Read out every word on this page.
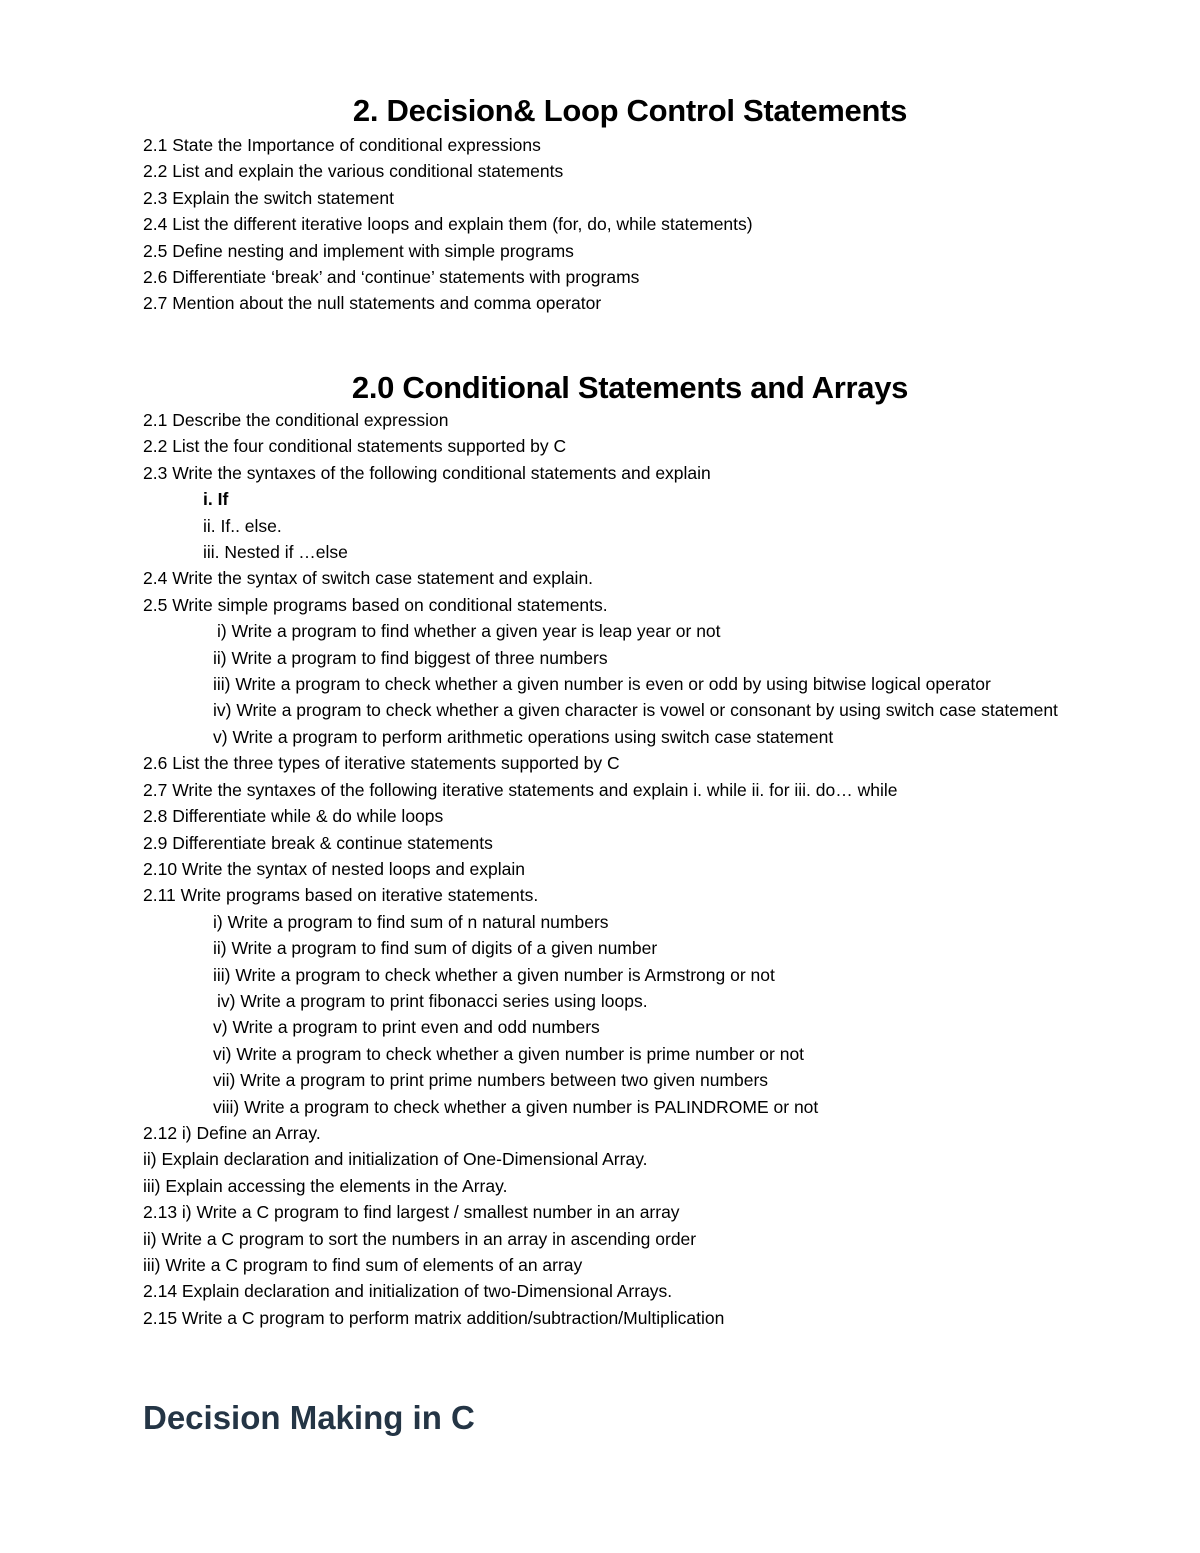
2. Decision& Loop Control Statements
2.1 State the Importance of conditional expressions
2.2 List and explain the various conditional statements
2.3 Explain the switch statement
2.4 List the different iterative loops and explain them (for, do, while statements)
2.5 Define nesting and implement with simple programs
2.6 Differentiate ‘break’ and ‘continue’ statements with programs
2.7 Mention about the null statements and comma operator
2.0 Conditional Statements and Arrays
2.1 Describe the conditional expression
2.2 List the four conditional statements supported by C
2.3 Write the syntaxes of the following conditional statements and explain
i. If
ii. If.. else.
iii. Nested if …else
2.4 Write the syntax of switch case statement and explain.
2.5 Write simple programs based on conditional statements.
i) Write a program to find whether a given year is leap year or not
ii) Write a program to find biggest of three numbers
iii) Write a program to check whether a given number is even or odd by using bitwise logical operator
iv) Write a program to check whether a given character is vowel or consonant by using switch case statement
v) Write a program to perform arithmetic operations using switch case statement
2.6 List the three types of iterative statements supported by C
2.7 Write the syntaxes of the following iterative statements and explain i. while ii. for iii. do… while
2.8 Differentiate while & do while loops
2.9 Differentiate break & continue statements
2.10 Write the syntax of nested loops and explain
2.11 Write programs based on iterative statements.
i) Write a program to find sum of n natural numbers
ii) Write a program to find sum of digits of a given number
iii) Write a program to check whether a given number is Armstrong or not
iv) Write a program to print fibonacci series using loops.
v) Write a program to print even and odd numbers
vi) Write a program to check whether a given number is prime number or not
vii) Write a program to print prime numbers between two given numbers
viii) Write a program to check whether a given number is PALINDROME or not
2.12 i) Define an Array.
ii) Explain declaration and initialization of One-Dimensional Array.
iii) Explain accessing the elements in the Array.
2.13 i) Write a C program to find largest / smallest number in an array
ii) Write a C program to sort the numbers in an array in ascending order
iii) Write a C program to find sum of elements of an array
2.14 Explain declaration and initialization of two-Dimensional Arrays.
2.15 Write a C program to perform matrix addition/subtraction/Multiplication
Decision Making in C
